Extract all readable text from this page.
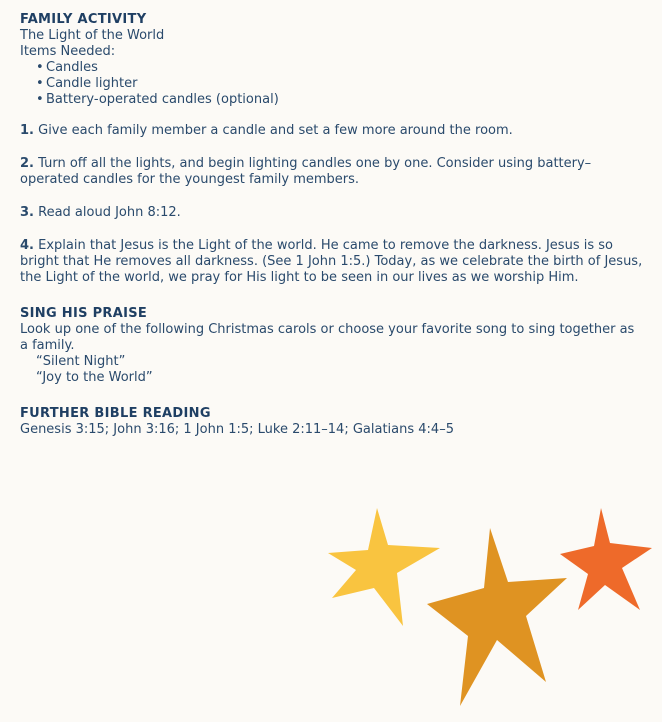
FAMILY ACTIVITY
The Light of the World
Items Needed:
• Candles
• Candle lighter
• Battery-operated candles (optional)
1. Give each family member a candle and set a few more around the room.
2. Turn off all the lights, and begin lighting candles one by one. Consider using battery–operated candles for the youngest family members.
3. Read aloud John 8:12.
4. Explain that Jesus is the Light of the world. He came to remove the darkness. Jesus is so bright that He removes all darkness. (See 1 John 1:5.) Today, as we celebrate the birth of Jesus, the Light of the world, we pray for His light to be seen in our lives as we worship Him.
SING HIS PRAISE
Look up one of the following Christmas carols or choose your favorite song to sing together as a family.
“Silent Night”
“Joy to the World”
FURTHER BIBLE READING
Genesis 3:15; John 3:16; 1 John 1:5; Luke 2:11–14; Galatians 4:4–5
